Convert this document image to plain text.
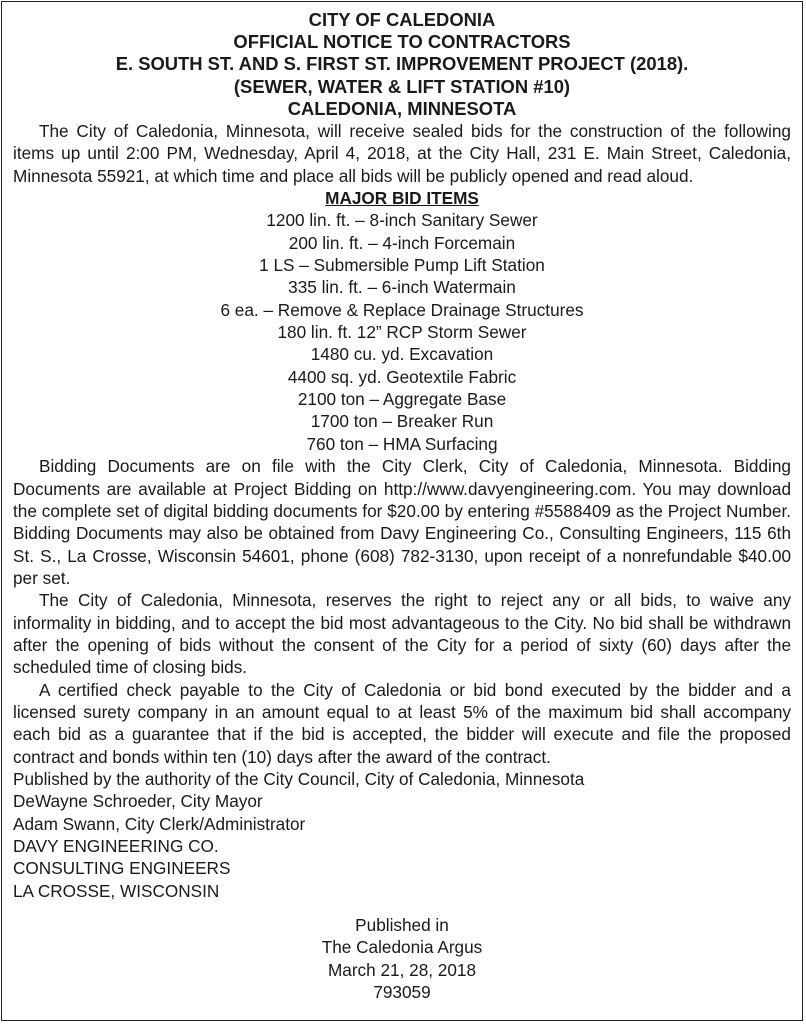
CITY OF CALEDONIA
OFFICIAL NOTICE TO CONTRACTORS
E. SOUTH ST. AND S. FIRST ST. IMPROVEMENT PROJECT (2018).
(SEWER, WATER & LIFT STATION #10)
CALEDONIA, MINNESOTA
The City of Caledonia, Minnesota, will receive sealed bids for the construction of the following items up until 2:00 PM, Wednesday, April 4, 2018, at the City Hall, 231 E. Main Street, Caledonia, Minnesota 55921, at which time and place all bids will be publicly opened and read aloud.
MAJOR BID ITEMS
1200 lin. ft. – 8-inch Sanitary Sewer
200 lin. ft. – 4-inch Forcemain
1 LS – Submersible Pump Lift Station
335 lin. ft. – 6-inch Watermain
6 ea. – Remove & Replace Drainage Structures
180 lin. ft. 12” RCP Storm Sewer
1480 cu. yd. Excavation
4400 sq. yd. Geotextile Fabric
2100 ton – Aggregate Base
1700 ton – Breaker Run
760 ton – HMA Surfacing
Bidding Documents are on file with the City Clerk, City of Caledonia, Minnesota. Bidding Documents are available at Project Bidding on http://www.davyengineering.com. You may download the complete set of digital bidding documents for $20.00 by entering #5588409 as the Project Number. Bidding Documents may also be obtained from Davy Engineering Co., Consulting Engineers, 115 6th St. S., La Crosse, Wisconsin 54601, phone (608) 782-3130, upon receipt of a nonrefundable $40.00 per set.
The City of Caledonia, Minnesota, reserves the right to reject any or all bids, to waive any informality in bidding, and to accept the bid most advantageous to the City. No bid shall be withdrawn after the opening of bids without the consent of the City for a period of sixty (60) days after the scheduled time of closing bids.
A certified check payable to the City of Caledonia or bid bond executed by the bidder and a licensed surety company in an amount equal to at least 5% of the maximum bid shall accompany each bid as a guarantee that if the bid is accepted, the bidder will execute and file the proposed contract and bonds within ten (10) days after the award of the contract.
Published by the authority of the City Council, City of Caledonia, Minnesota
DeWayne Schroeder, City Mayor
Adam Swann, City Clerk/Administrator
DAVY ENGINEERING CO.
CONSULTING ENGINEERS
LA CROSSE, WISCONSIN
Published in
The Caledonia Argus
March 21, 28, 2018
793059
